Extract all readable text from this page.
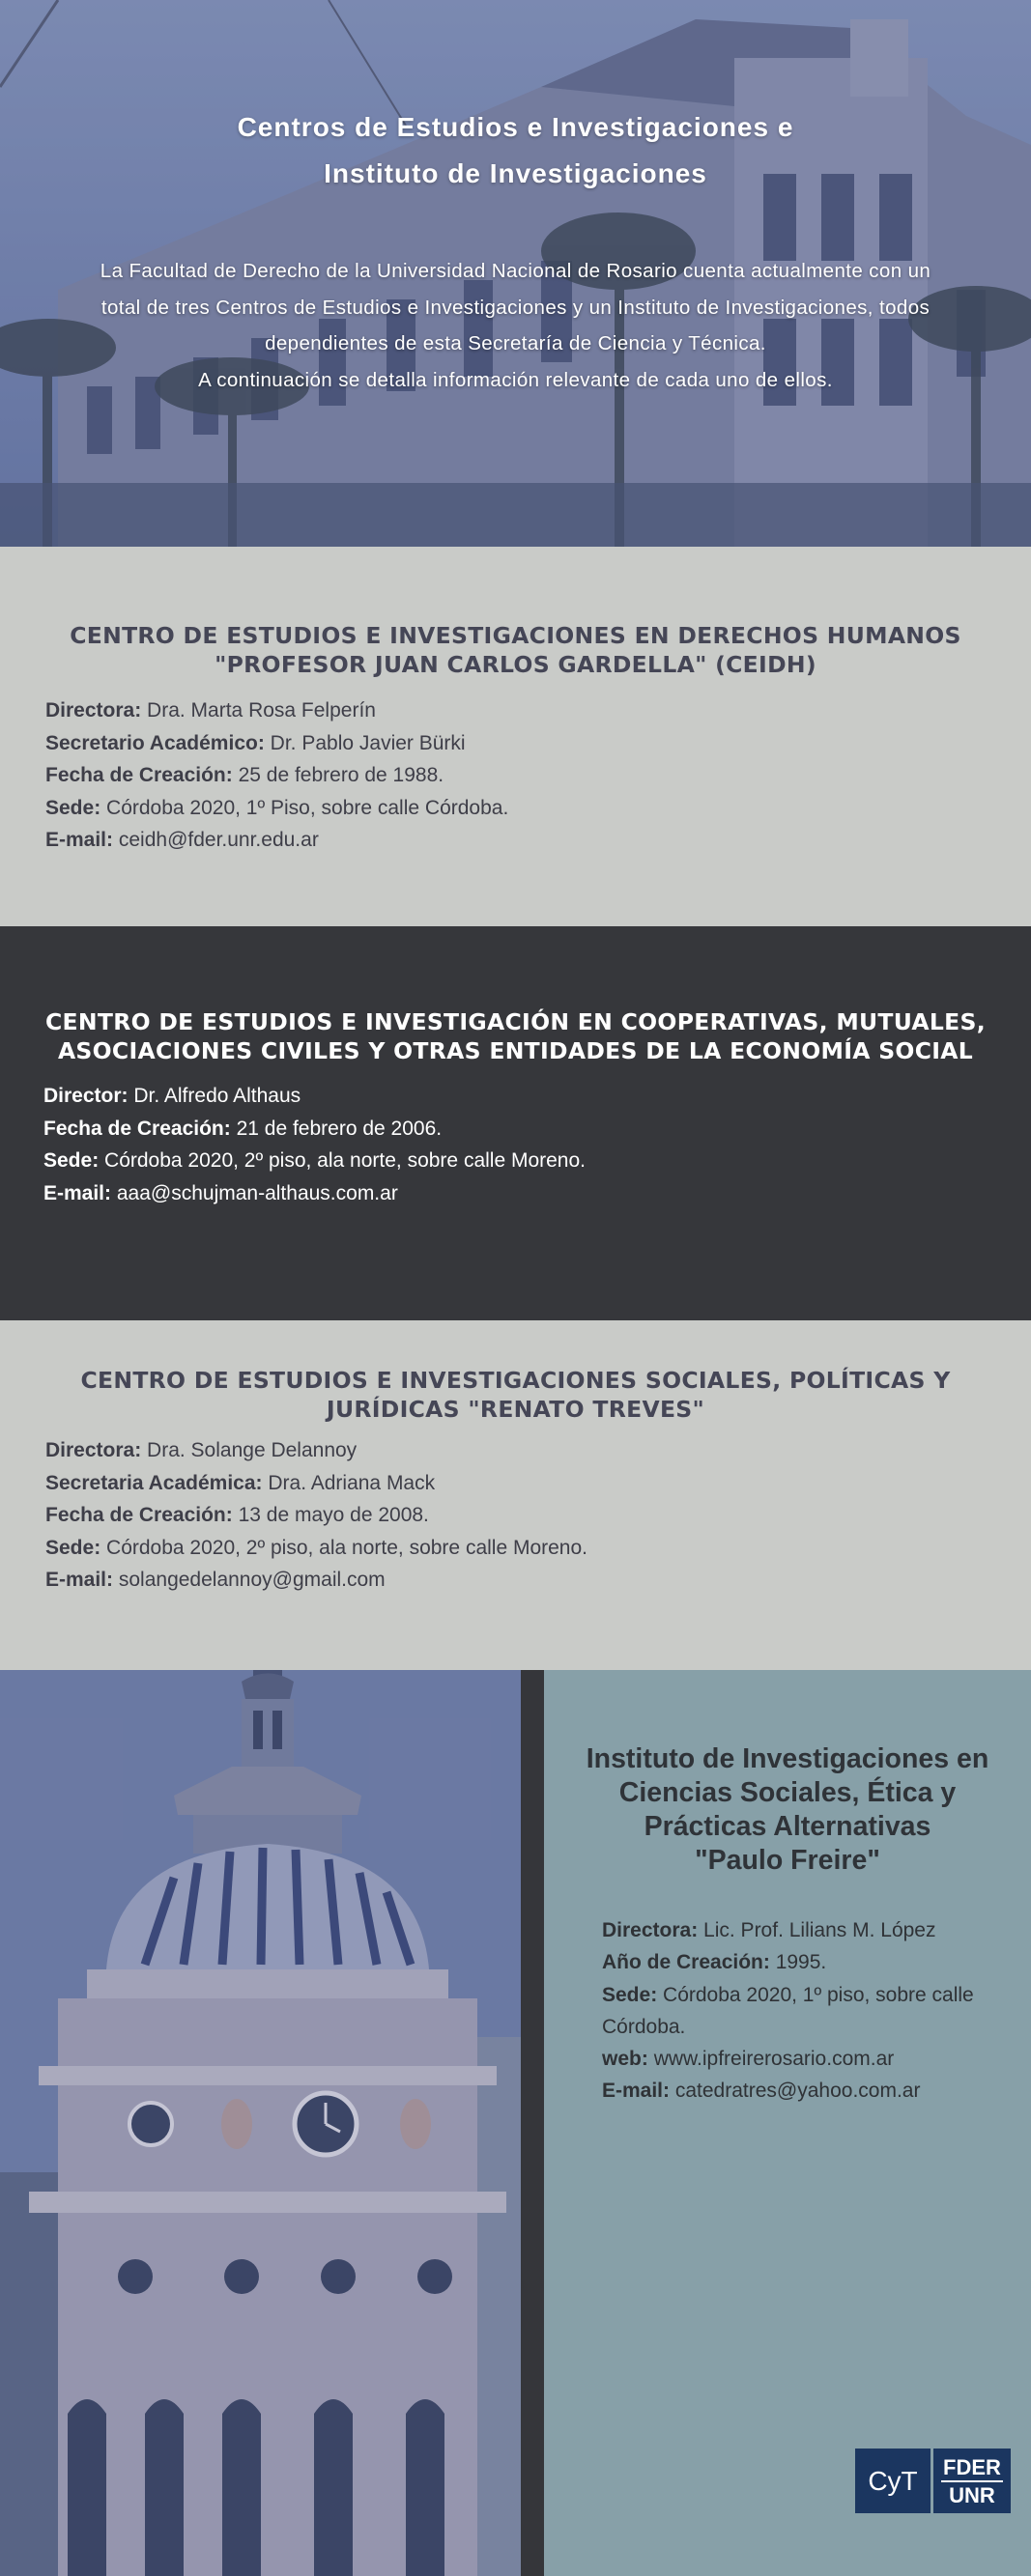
Centros de Estudios e Investigaciones e
Instituto de Investigaciones

La Facultad de Derecho de la Universidad Nacional de Rosario cuenta actualmente con un
total de tres Centros de Estudios e Investigaciones y un Instituto de Investigaciones, todos
dependientes de esta Secretaría de Ciencia y Técnica.
A continuación se detalla información relevante de cada uno de ellos.

CENTRO DE ESTUDIOS E INVESTIGACIONES EN DERECHOS HUMANOS
"PROFESOR JUAN CARLOS GARDELLA" (CEIDH)
Directora: Dra. Marta Rosa Felperín
Secretario Académico: Dr. Pablo Javier Bürki
Fecha de Creación: 25 de febrero de 1988.
Sede: Córdoba 2020, 1º Piso, sobre calle Córdoba.
E-mail: ceidh@fder.unr.edu.ar
CENTRO DE ESTUDIOS E INVESTIGACIÓN EN COOPERATIVAS, MUTUALES,
ASOCIACIONES CIVILES Y OTRAS ENTIDADES DE LA ECONOMÍA SOCIAL
Director: Dr. Alfredo Althaus
Fecha de Creación: 21 de febrero de 2006.
Sede: Córdoba 2020, 2º piso, ala norte, sobre calle Moreno.
E-mail: aaa@schujman-althaus.com.ar
CENTRO DE ESTUDIOS E INVESTIGACIONES SOCIALES, POLÍTICAS Y
JURÍDICAS "RENATO TREVES"
Directora: Dra. Solange Delannoy
Secretaria Académica: Dra. Adriana Mack
Fecha de Creación: 13 de mayo de 2008.
Sede: Córdoba 2020, 2º piso, ala norte, sobre calle Moreno.
E-mail: solangedelannoy@gmail.com
Instituto de Investigaciones en
Ciencias Sociales, Ética y
Prácticas Alternativas
"Paulo Freire"
Directora: Lic. Prof. Lilians M. López
Año de Creación: 1995.
Sede: Córdoba 2020, 1º piso, sobre calle Córdoba.
web: www.ipfreirerosario.com.ar
E-mail: catedratres@yahoo.com.ar
CyT FDER
UNR
